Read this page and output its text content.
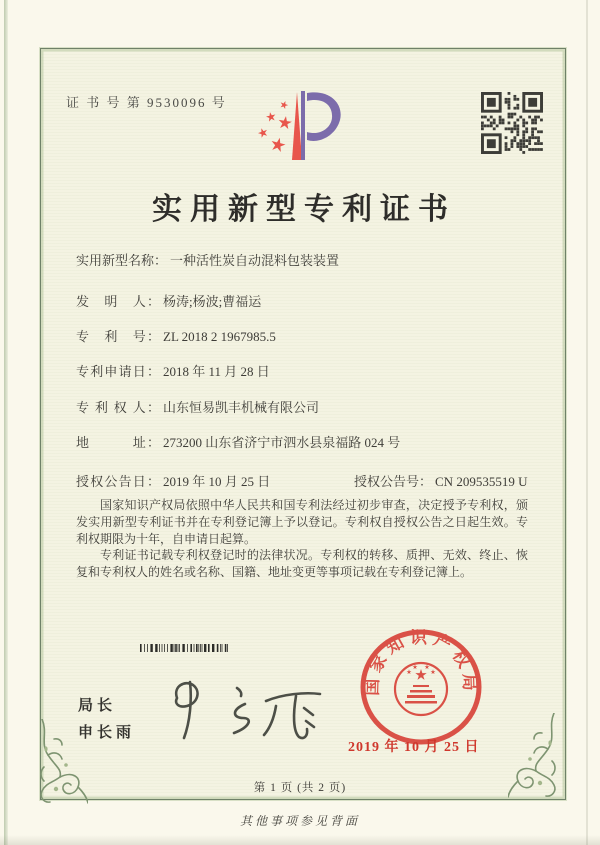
证 书 号 第 9530096 号
实用新型专利证书
实用新型名称： 一种活性炭自动混料包装装置
发　明　人： 杨涛;杨波;曹福运
专　利　号： ZL 2018 2 1967985.5
专利申请日： 2018 年 11 月 28 日
专 利 权 人： 山东恒易凯丰机械有限公司
地　　　址： 273200 山东省济宁市泗水县泉福路 024 号
授权公告日： 2019 年 10 月 25 日	授权公告号： CN 209535519 U

国家知识产权局依照中华人民共和国专利法经过初步审查，决定授予专利权，颁发实用新型专利证书并在专利登记簿上予以登记。专利权自授权公告之日起生效。专利权期限为十年，自申请日起算。

专利证书记载专利权登记时的法律状况。专利权的转移、质押、无效、终止、恢复和专利权人的姓名或名称、国籍、地址变更等事项记载在专利登记簿上。

局长
申长雨
国家知识产权局
2019 年 10 月 25 日
第 1 页 (共 2 页)
其他事项参见背面
